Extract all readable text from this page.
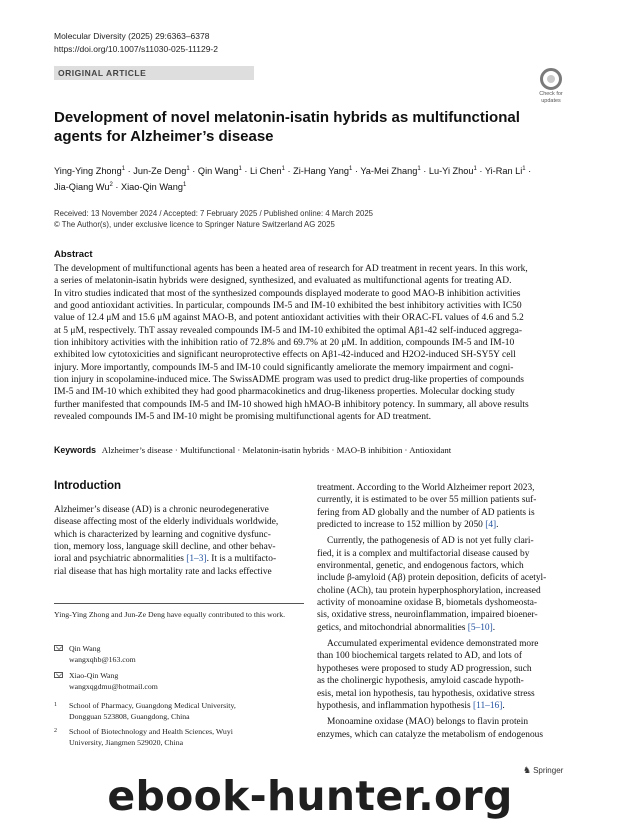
Molecular Diversity (2025) 29:6363–6378
https://doi.org/10.1007/s11030-025-11129-2
ORIGINAL ARTICLE
Check for
updates
Development of novel melatonin-isatin hybrids as multifunctional agents for Alzheimer’s disease
Ying-Ying Zhong$^1$ · Jun-Ze Deng$^1$ · Qin Wang$^1$ · Li Chen$^1$ · Zi-Hang Yang$^1$ · Ya-Mei Zhang$^1$ · Lu-Yi Zhou$^1$ · Yi-Ran $Li^1$ ·
Jia-Qiang $Wu^2$ · Xiao-Qin Wang$^1$
Received: 13 November 2024 / Accepted: 7 February 2025 / Published online: 4 March 2025
© The Author(s), under exclusive licence to Springer Nature Switzerland AG 2025
Abstract
The development of multifunctional agents has been a heated area of research for AD treatment in recent years. In this work,
a series of melatonin-isatin hybrids were designed, synthesized, and evaluated as multifunctional agents for treating AD.
In vitro studies indicated that most of the synthesized compounds displayed moderate to good MAO-B inhibition activities
and good antioxidant activities. In particular, compounds IM-5 and IM-10 exhibited the best inhibitory activities with IC50
value of 12.4 μM and 15.6 μM against MAO-B, and potent antioxidant activities with their ORAC-FL values of 4.6 and 5.2
at 5 μM, respectively. ThT assay revealed compounds IM-5 and IM-10 exhibited the optimal Aβ1-42 self-induced aggrega-
tion inhibitory activities with the inhibition ratio of 72.8% and 69.7% at 20 μM. In addition, compounds IM-5 and IM-10
exhibited low cytotoxicities and significant neuroprotective effects on Aβ1-42-induced and H2O2-induced SH-SY5Y cell
injury. More importantly, compounds IM-5 and IM-10 could significantly ameliorate the memory impairment and cogni-
tion injury in scopolamine-induced mice. The SwissADME program was used to predict drug-like properties of compounds
IM-5 and IM-10 which exhibited they had good pharmacokinetics and drug-likeness properties. Molecular docking study
further manifested that compounds IM-5 and IM-10 showed high hMAO-B inhibitory potency. In summary, all above results
revealed compounds IM-5 and IM-10 might be promising multifunctional agents for AD treatment.
Keywords Alzheimer’s disease · Multifunctional · Melatonin-isatin hybrids · MAO-B inhibition · Antioxidant
Introduction
Alzheimer’s disease (AD) is a chronic neurodegenerative
disease affecting most of the elderly individuals worldwide,
which is characterized by learning and cognitive dysfunc-
tion, memory loss, language skill decline, and other behav-
ioral and psychiatric abnormalities [1–3]. It is a multifacto-
rial disease that has high mortality rate and lacks effective
treatment. According to the World Alzheimer report 2023,
currently, it is estimated to be over 55 million patients suf-
fering from AD globally and the number of AD patients is
predicted to increase to 152 million by 2050 [4].
Currently, the pathogenesis of AD is not yet fully clari-
fied, it is a complex and multifactorial disease caused by
environmental, genetic, and endogenous factors, which
include β-amyloid (Aβ) protein deposition, deficits of acetyl-
choline (ACh), tau protein hyperphosphorylation, increased
activity of monoamine oxidase B, biometals dyshomeosta-
sis, oxidative stress, neuroinflammation, impaired bioener-
getics, and mitochondrial abnormalities [5–10].
Accumulated experimental evidence demonstrated more
than 100 biochemical targets related to AD, and lots of
hypotheses were proposed to study AD progression, such
as the cholinergic hypothesis, amyloid cascade hypoth-
esis, metal ion hypothesis, tau hypothesis, oxidative stress
hypothesis, and inflammation hypothesis [11–16].
Monoamine oxidase (MAO) belongs to flavin protein
enzymes, which can catalyze the metabolism of endogenous
Ying-Ying Zhong and Jun-Ze Deng have equally contributed to this work.
Qin Wang
wangxqhb@163.com
Xiao-Qin Wang
wangxqgdmu@hotmail.com
1 School of Pharmacy, Guangdong Medical University,
Dongguan 523808, Guangdong, China
2 School of Biotechnology and Health Sciences, Wuyi
University, Jiangmen 529020, China
♞ Springer
ebook-hunter.org
